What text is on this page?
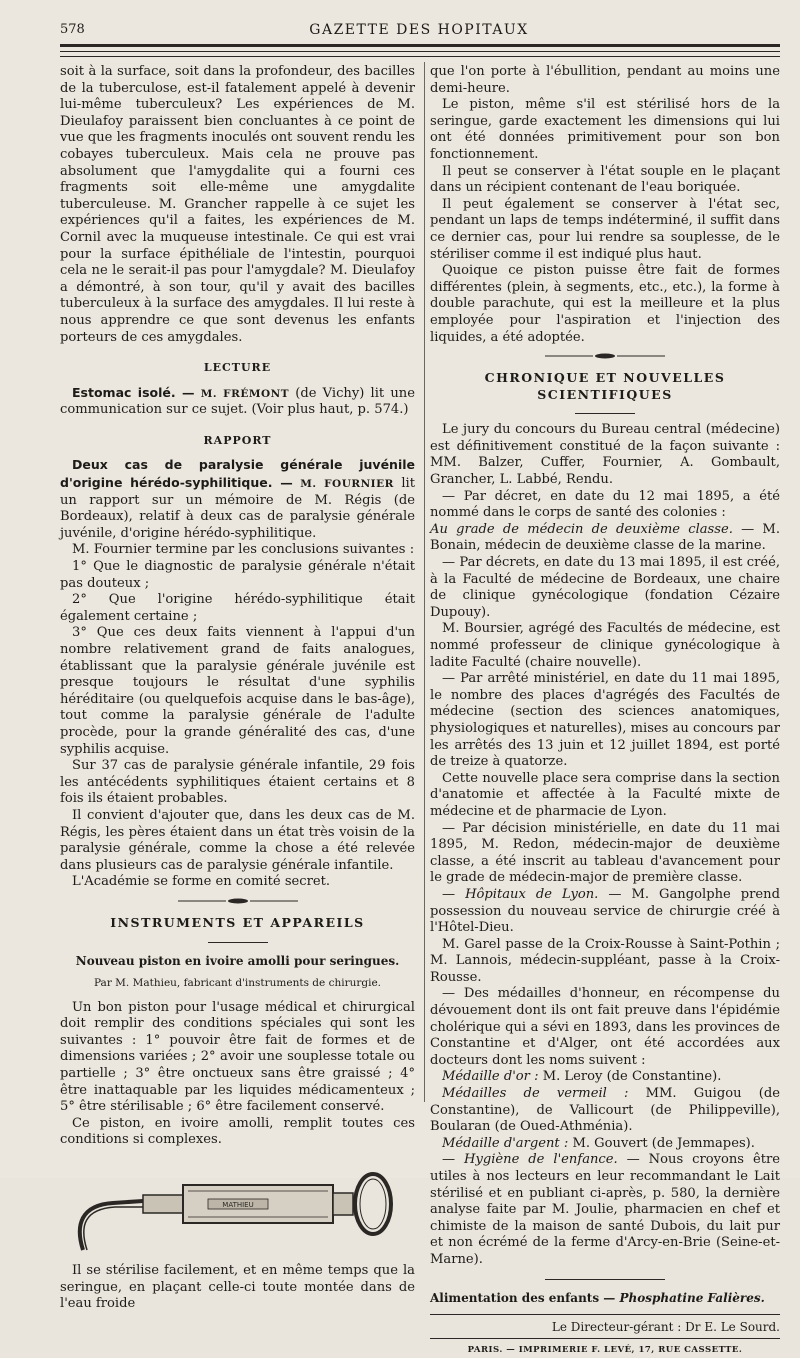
578	GAZETTE DES HOPITAUX

soit à la surface, soit dans la profondeur, des bacilles de la tuberculose, est-il fatalement appelé à devenir lui-même tuberculeux? Les expériences de M. Dieulafoy paraissent bien concluantes à ce point de vue que les fragments inoculés ont souvent rendu les cobayes tuberculeux. Mais cela ne prouve pas absolument que l'amygdalite qui a fourni ces fragments soit elle-même une amygdalite tuberculeuse. M. Grancher rappelle à ce sujet les expériences qu'il a faites, les expériences de M. Cornil avec la muqueuse intestinale. Ce qui est vrai pour la surface épithéliale de l'intestin, pourquoi cela ne le serait-il pas pour l'amygdale? M. Dieulafoy a démontré, à son tour, qu'il y avait des bacilles tuberculeux à la surface des amygdales. Il lui reste à nous apprendre ce que sont devenus les enfants porteurs de ces amygdales.

LECTURE

Estomac isolé. — M. FRÉMONT (de Vichy) lit une communication sur ce sujet. (Voir plus haut, p. 574.)

RAPPORT

Deux cas de paralysie générale juvénile d'origine hérédo-syphilitique. — M. FOURNIER lit un rapport sur un mémoire de M. Régis (de Bordeaux), relatif à deux cas de paralysie générale juvénile, d'origine hérédo-syphilitique.

M. Fournier termine par les conclusions suivantes :

1° Que le diagnostic de paralysie générale n'était pas douteux ;

2° Que l'origine hérédo-syphilitique était également certaine ;

3° Que ces deux faits viennent à l'appui d'un nombre relativement grand de faits analogues, établissant que la paralysie générale juvénile est presque toujours le résultat d'une syphilis héréditaire (ou quelquefois acquise dans le bas-âge), tout comme la paralysie générale de l'adulte procède, pour la grande généralité des cas, d'une syphilis acquise.

Sur 37 cas de paralysie générale infantile, 29 fois les antécédents syphilitiques étaient certains et 8 fois ils étaient probables.

Il convient d'ajouter que, dans les deux cas de M. Régis, les pères étaient dans un état très voisin de la paralysie générale, comme la chose a été relevée dans plusieurs cas de paralysie générale infantile.

L'Académie se forme en comité secret.

INSTRUMENTS ET APPAREILS
Nouveau piston en ivoire amolli pour seringues.
Par M. Mathieu, fabricant d'instruments de chirurgie.

Un bon piston pour l'usage médical et chirurgical doit remplir des conditions spéciales qui sont les suivantes : 1° pouvoir être fait de formes et de dimensions variées ; 2° avoir une souplesse totale ou partielle ; 3° être onctueux sans être graissé ; 4° être inattaquable par les liquides médicamenteux ; 5° être stérilisable ; 6° être facilement conservé.

Ce piston, en ivoire amolli, remplit toutes ces conditions si complexes.

MATHIEU

Il se stérilise facilement, et en même temps que la seringue, en plaçant celle-ci toute montée dans de l'eau froide

que l'on porte à l'ébullition, pendant au moins une demi-heure.

Le piston, même s'il est stérilisé hors de la seringue, garde exactement les dimensions qui lui ont été données primitivement pour son bon fonctionnement.

Il peut se conserver à l'état souple en le plaçant dans un récipient contenant de l'eau boriquée.

Il peut également se conserver à l'état sec, pendant un laps de temps indéterminé, il suffit dans ce dernier cas, pour lui rendre sa souplesse, de le stériliser comme il est indiqué plus haut.

Quoique ce piston puisse être fait de formes différentes (plein, à segments, etc., etc.), la forme à double parachute, qui est la meilleure et la plus employée pour l'aspiration et l'injection des liquides, a été adoptée.

CHRONIQUE ET NOUVELLES SCIENTIFIQUES

Le jury du concours du Bureau central (médecine) est définitivement constitué de la façon suivante : MM. Balzer, Cuffer, Fournier, A. Gombault, Grancher, L. Labbé, Rendu.

— Par décret, en date du 12 mai 1895, a été nommé dans le corps de santé des colonies :

Au grade de médecin de deuxième classe. — M. Bonain, médecin de deuxième classe de la marine.

— Par décrets, en date du 13 mai 1895, il est créé, à la Faculté de médecine de Bordeaux, une chaire de clinique gynécologique (fondation Cézaire Dupouy).

M. Boursier, agrégé des Facultés de médecine, est nommé professeur de clinique gynécologique à ladite Faculté (chaire nouvelle).

— Par arrêté ministériel, en date du 11 mai 1895, le nombre des places d'agrégés des Facultés de médecine (section des sciences anatomiques, physiologiques et naturelles), mises au concours par les arrêtés des 13 juin et 12 juillet 1894, est porté de treize à quatorze.

Cette nouvelle place sera comprise dans la section d'anatomie et affectée à la Faculté mixte de médecine et de pharmacie de Lyon.

— Par décision ministérielle, en date du 11 mai 1895, M. Redon, médecin-major de deuxième classe, a été inscrit au tableau d'avancement pour le grade de médecin-major de première classe.

— Hôpitaux de Lyon. — M. Gangolphe prend possession du nouveau service de chirurgie créé à l'Hôtel-Dieu.

M. Garel passe de la Croix-Rousse à Saint-Pothin ; M. Lannois, médecin-suppléant, passe à la Croix-Rousse.

— Des médailles d'honneur, en récompense du dévouement dont ils ont fait preuve dans l'épidémie cholérique qui a sévi en 1893, dans les provinces de Constantine et d'Alger, ont été accordées aux docteurs dont les noms suivent :

Médaille d'or : M. Leroy (de Constantine).

Médailles de vermeil : MM. Guigou (de Constantine), de Vallicourt (de Philippeville), Boularan (de Oued-Athménia).

Médaille d'argent : M. Gouvert (de Jemmapes).

— Hygiène de l'enfance. — Nous croyons être utiles à nos lecteurs en leur recommandant le Lait stérilisé et en publiant ci-après, p. 580, la dernière analyse faite par M. Joulie, pharmacien en chef et chimiste de la maison de santé Dubois, du lait pur et non écrémé de la ferme d'Arcy-en-Brie (Seine-et-Marne).

Alimentation des enfants — Phosphatine Falières.
Le Directeur-gérant : Dr E. Le Sourd.
PARIS. — IMPRIMERIE F. LEVÉ, 17, RUE CASSETTE.
